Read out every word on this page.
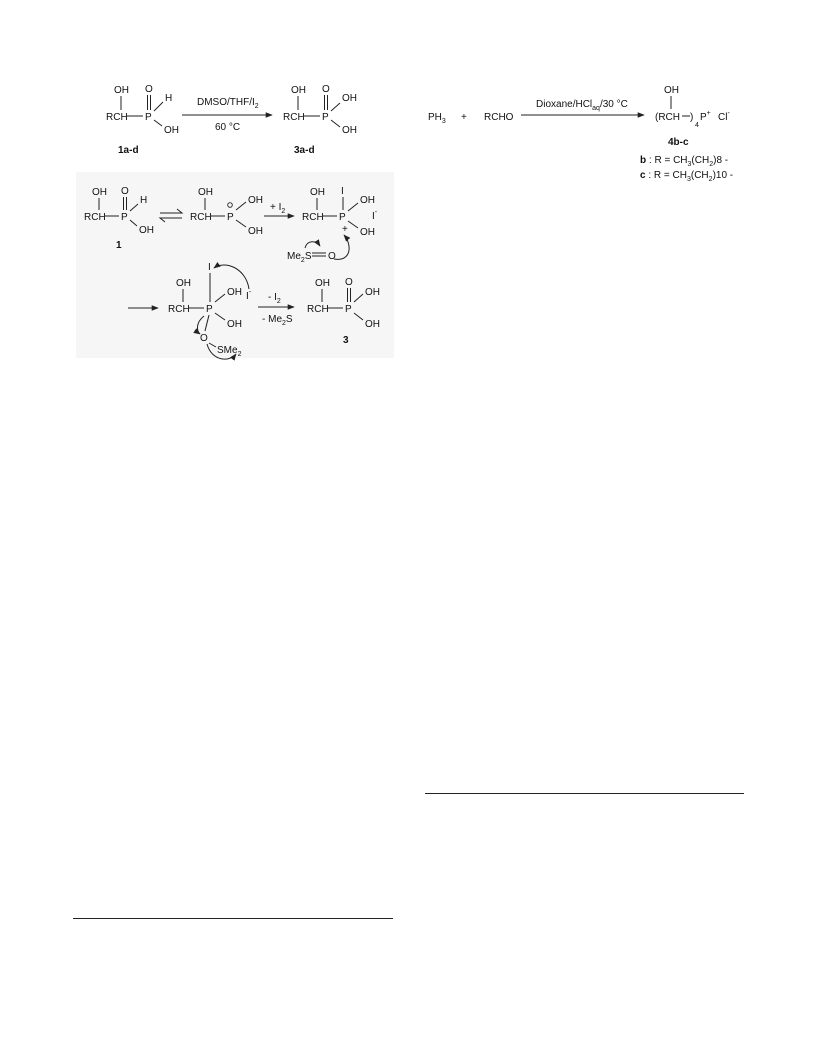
OH
RCH P
O
H
OH
1a-d
DMSO/$THF/I_2$
60 °C
OH
RCH P
O
OH
OH
3a-d
OH
RCH P
O
H
OH
1
OH
RCH P
OH
OH
+ $I_2$
OH
RCH P
I
OH
OH
+
I-
$Me_2S$ O
OH
RCH P
I
OH
OH
O
SMe$_2$
$I^- - I_2$
- $Me_2S$
OH
RCH P
O
OH
OH
3
$PH_3$ + RCHO
Dioxane/HCl$_{aq}$/30 °C
OH
(RCH )
4
P+ Cl-
4b-c
b : $R = CH_3(CH_2)8$ -
c : $R = CH_3(CH_2)10$ -
